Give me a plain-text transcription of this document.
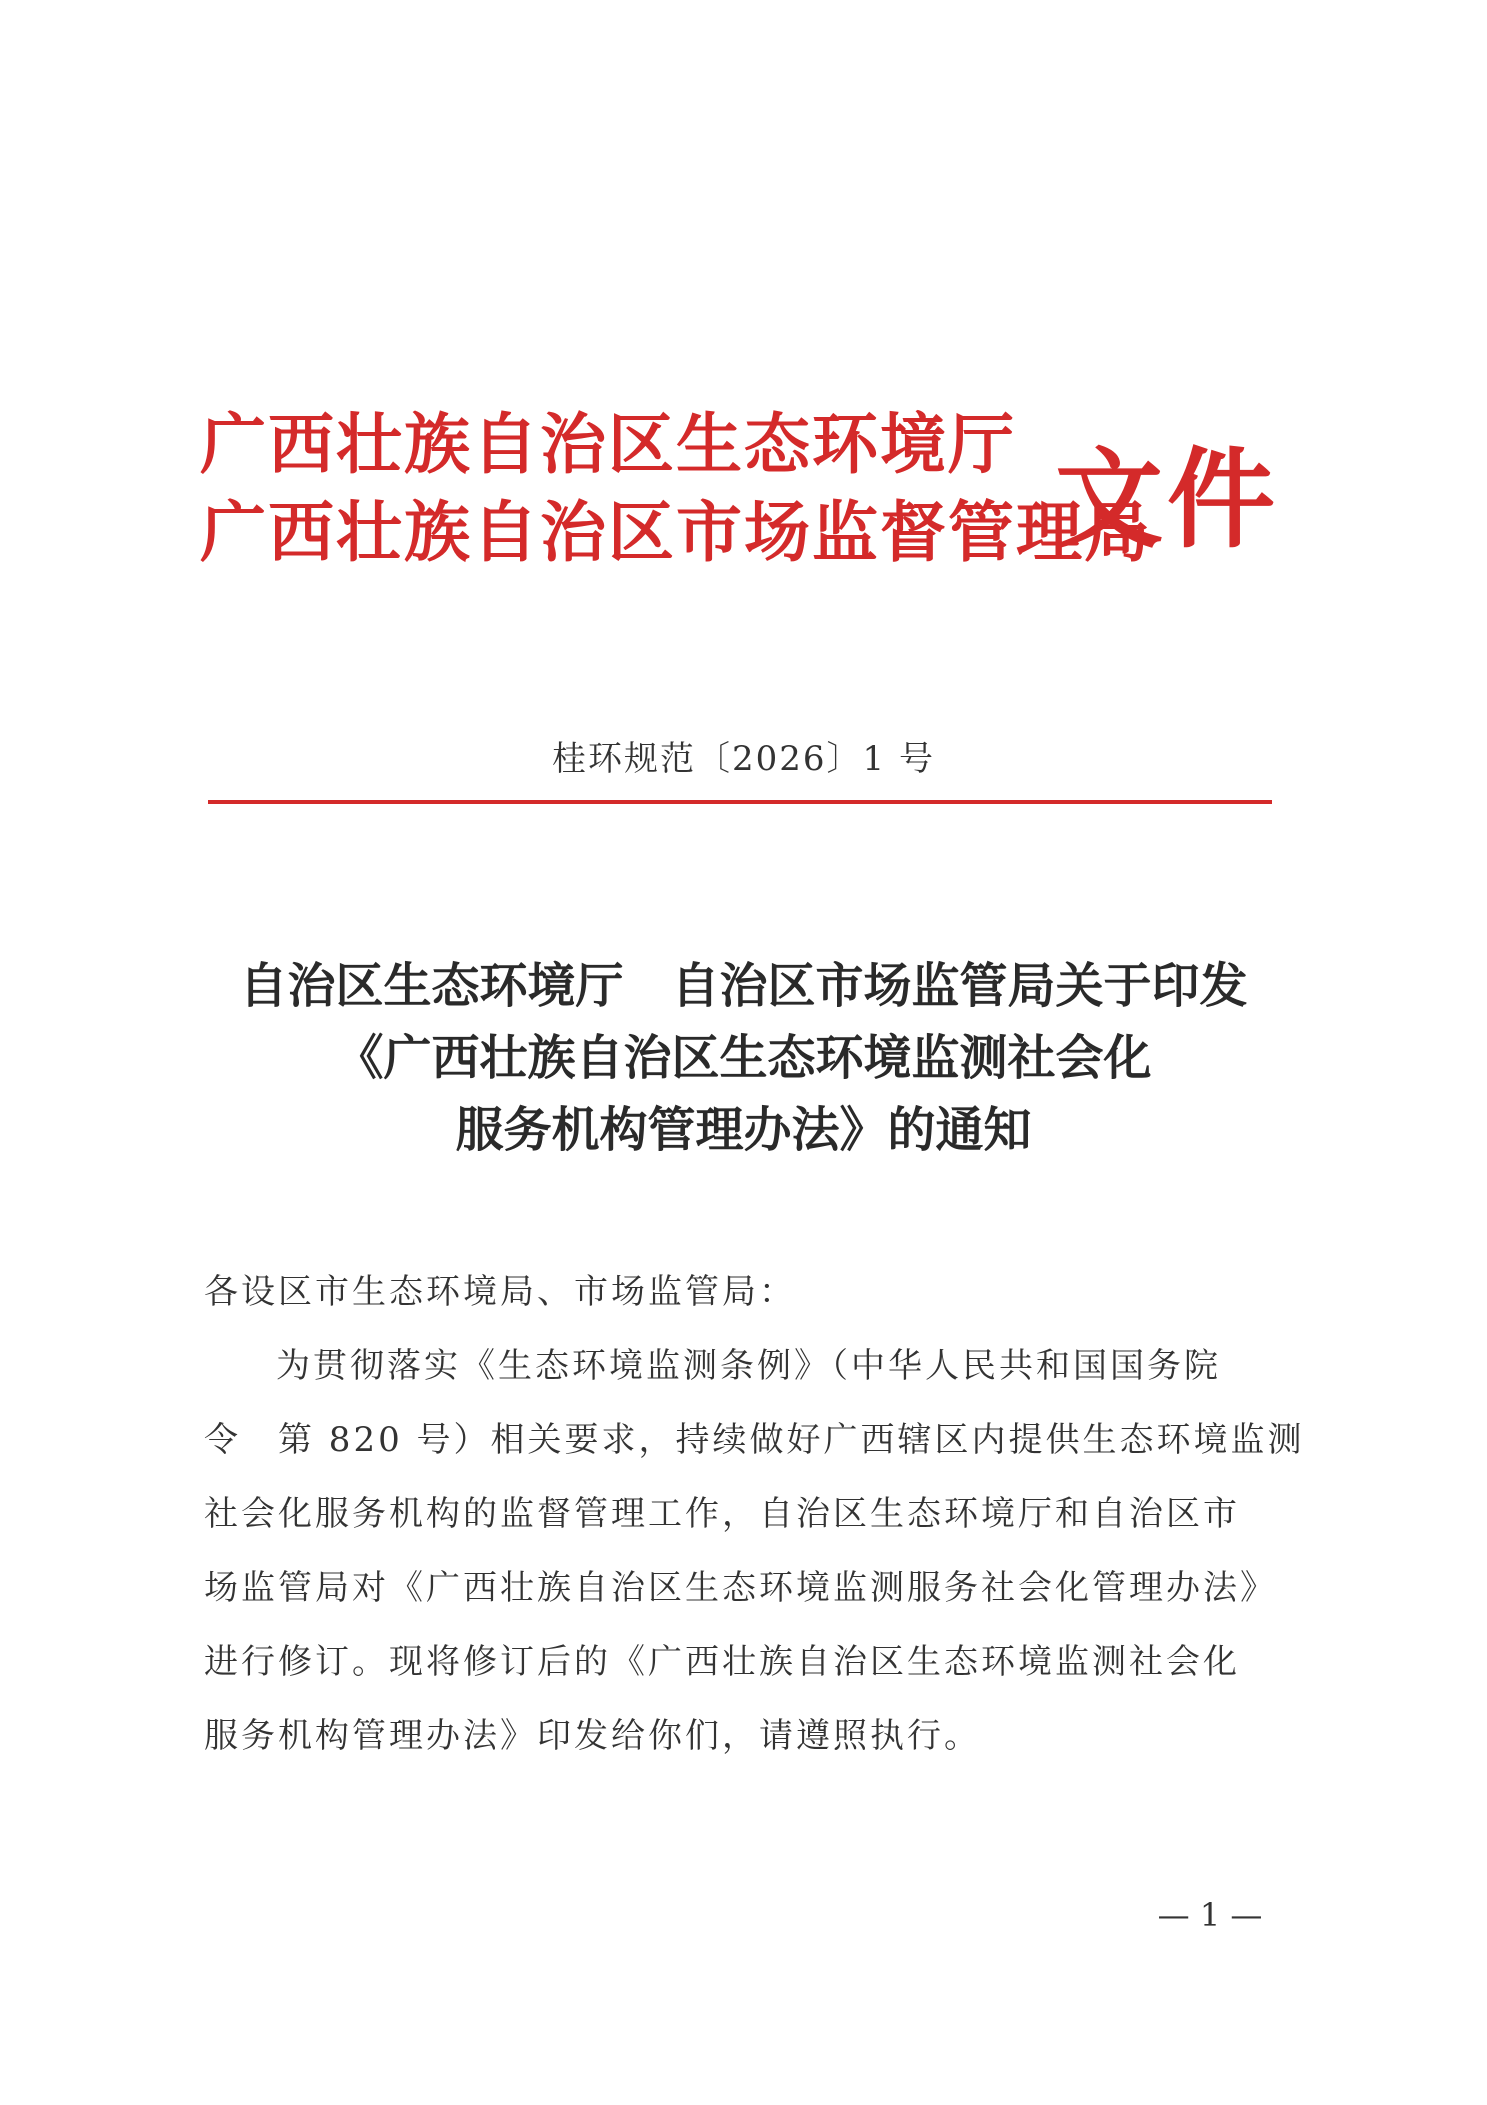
广西壮族自治区生态环境厅
广西壮族自治区市场监督管理局
文件
桂环规范〔2026〕1 号
自治区生态环境厅　自治区市场监管局关于印发
《广西壮族自治区生态环境监测社会化
服务机构管理办法》的通知
各设区市生态环境局、市场监管局：
为贯彻落实《生态环境监测条例》（中华人民共和国国务院
令　第 820 号）相关要求，持续做好广西辖区内提供生态环境监测
社会化服务机构的监督管理工作，自治区生态环境厅和自治区市
场监管局对《广西壮族自治区生态环境监测服务社会化管理办法》
进行修订。现将修订后的《广西壮族自治区生态环境监测社会化
服务机构管理办法》印发给你们，请遵照执行。
— 1 —
